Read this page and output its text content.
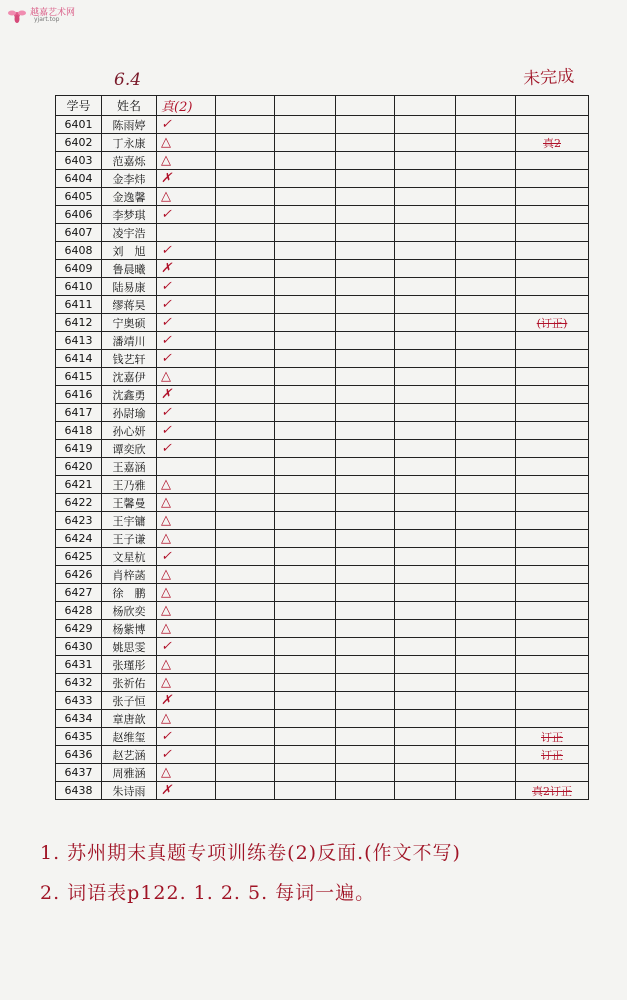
越嘉艺术网
yjart.top
6.4	未完成
学号	姓名	真(2)						
6401	陈雨婷	✓						
6402	丁永康	△						真2
6403	范嘉烁	△						
6404	金李炜	✗						
6405	金逸馨	△						
6406	李梦琪	✓						
6407	凌宇浩							
6408	刘　旭	✓						
6409	鲁晨曦	✗						
6410	陆易康	✓						
6411	缪蒋昊	✓						
6412	宁奥硕	✓						(订正)
6413	潘靖川	✓						
6414	钱艺轩	✓						
6415	沈嘉伊	△						
6416	沈鑫勇	✗						
6417	孙尉瑜	✓						
6418	孙心妍	✓						
6419	谭奕欣	✓						
6420	王嘉涵							
6421	王乃雅	△						
6422	王馨曼	△						
6423	王宇镛	△						
6424	王子谦	△						
6425	文星杭	✓						
6426	肖梓菡	△						
6427	徐　鹏	△						
6428	杨欣奕	△						
6429	杨紫博	△						
6430	姚思雯	✓						
6431	张瑾彤	△						
6432	张祈佑	△						
6433	张子恒	✗						
6434	章唐歆	△						
6435	赵维玺	✓						订正
6436	赵艺涵	✓						订正
6437	周雅涵	△						
6438	朱诗雨	✗						真2订正
1. 苏州期末真题专项训练卷(2)反面.(作文不写)
2. 词语表p122. 1. 2. 5. 每词一遍。
